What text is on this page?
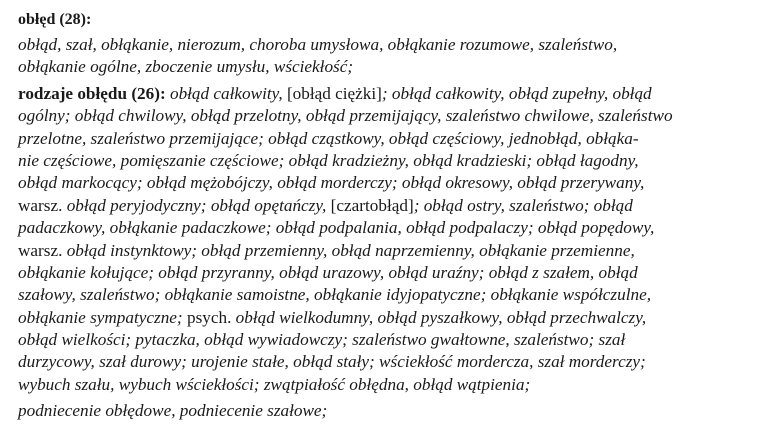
obłęd (28):
obłąd, szał, obłąkanie, nierozum, choroba umysłowa, obłąkanie rozumowe, szaleństwo,
obłąkanie ogólne, zboczenie umysłu, wściekłość;
rodzaje obłędu (26): obłąd całkowity, [obłąd ciężki]; obłąd całkowity, obłąd zupełny, obłąd
ogólny; obłąd chwilowy, obłąd przelotny, obłąd przemijający, szaleństwo chwilowe, szaleństwo
przelotne, szaleństwo przemijające; obłąd cząstkowy, obłąd częściowy, jednobłąd, obłąka-
nie częściowe, pomięszanie częściowe; obłąd kradzieżny, obłąd kradzieski; obłąd łagodny,
obłąd markocący; obłąd mężobójczy, obłąd morderczy; obłąd okresowy, obłąd przerywany,
warsz. obłąd peryjodyczny; obłąd opętańczy, [czartobłąd]; obłąd ostry, szaleństwo; obłąd
padaczkowy, obłąkanie padaczkowe; obłąd podpalania, obłąd podpalaczy; obłąd popędowy,
warsz. obłąd instynktowy; obłąd przemienny, obłąd naprzemienny, obłąkanie przemienne,
obłąkanie kołujące; obłąd przyranny, obłąd urazowy, obłąd uraźny; obłąd z szałem, obłąd
szałowy, szaleństwo; obłąkanie samoistne, obłąkanie idyjopatyczne; obłąkanie współczulne,
obłąkanie sympatyczne; psych. obłąd wielkodumny, obłąd pyszałkowy, obłąd przechwalczy,
obłąd wielkości; pytaczka, obłąd wywiadowczy; szaleństwo gwałtowne, szaleństwo; szał
durzycowy, szał durowy; urojenie stałe, obłąd stały; wściekłość mordercza, szał morderczy;
wybuch szału, wybuch wściekłości; zwątpiałość obłędna, obłąd wątpienia;
podniecenie obłędowe, podniecenie szałowe;
